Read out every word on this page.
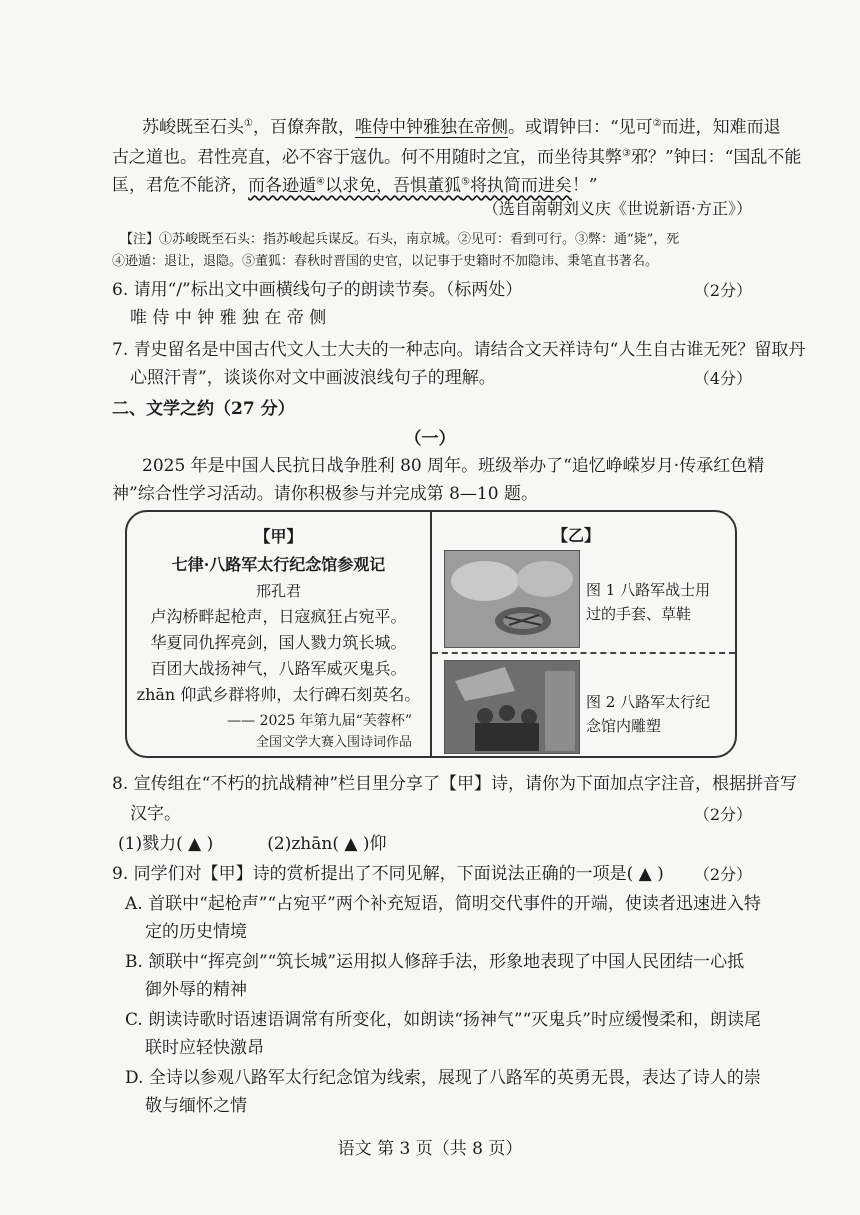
苏峻既至石头①，百僚奔散，唯侍中钟雅独在帝侧。或谓钟曰：“见可②而进，知难而退
古之道也。君性亮直，必不容于寇仇。何不用随时之宜，而坐待其弊③邪？”钟曰：“国乱不能
匡，君危不能济，而各逊遁④以求免，吾惧董狐⑤将执简而进矣！”
（选自南朝刘义庆《世说新语·方正》）
【注】①苏峻既至石头：指苏峻起兵谋反。石头，南京城。②见可：看到可行。③弊：通“毙”，死
④逊遁：退让，退隐。⑤董狐：春秋时晋国的史官，以记事于史籍时不加隐讳、秉笔直书著名。
6. 请用“/”标出文中画横线句子的朗读节奏。（标两处）	（2分）
唯 侍 中 钟 雅 独 在 帝 侧
7. 青史留名是中国古代文人士大夫的一种志向。请结合文天祥诗句“人生自古谁无死？留取丹
心照汗青”，谈谈你对文中画波浪线句子的理解。	（4分）
二、文学之约（27 分）
（一）
2025 年是中国人民抗日战争胜利 80 周年。班级举办了“追忆峥嵘岁月·传承红色精
神”综合性学习活动。请你积极参与并完成第 8—10 题。
【甲】
七律·八路军太行纪念馆参观记
邢孔君
卢沟桥畔起枪声，日寇疯狂占宛平。
华夏同仇挥亮剑，国人戮力筑长城。
百团大战扬神气，八路军威灭鬼兵。
zhān 仰武乡群将帅，太行碑石刻英名。
—— 2025 年第九届“芙蓉杯”
全国文学大赛入围诗词作品
【乙】
图 1 八路军战士用
过的手套、草鞋
图 2 八路军太行纪
念馆内雕塑
8. 宣传组在“不朽的抗战精神”栏目里分享了【甲】诗，请你为下面加点字注音，根据拼音写
汉字。	（2分）
(1)戮力( ▲ )          (2)zhān( ▲ )仰
9. 同学们对【甲】诗的赏析提出了不同见解，下面说法正确的一项是( ▲ )	（2分）
A. 首联中“起枪声”“占宛平”两个补充短语，简明交代事件的开端，使读者迅速进入特
定的历史情境
B. 颔联中“挥亮剑”“筑长城”运用拟人修辞手法，形象地表现了中国人民团结一心抵
御外辱的精神
C. 朗读诗歌时语速语调常有所变化，如朗读“扬神气”“灭鬼兵”时应缓慢柔和，朗读尾
联时应轻快激昂
D. 全诗以参观八路军太行纪念馆为线索，展现了八路军的英勇无畏，表达了诗人的崇
敬与缅怀之情
语文 第 3 页（共 8 页）
